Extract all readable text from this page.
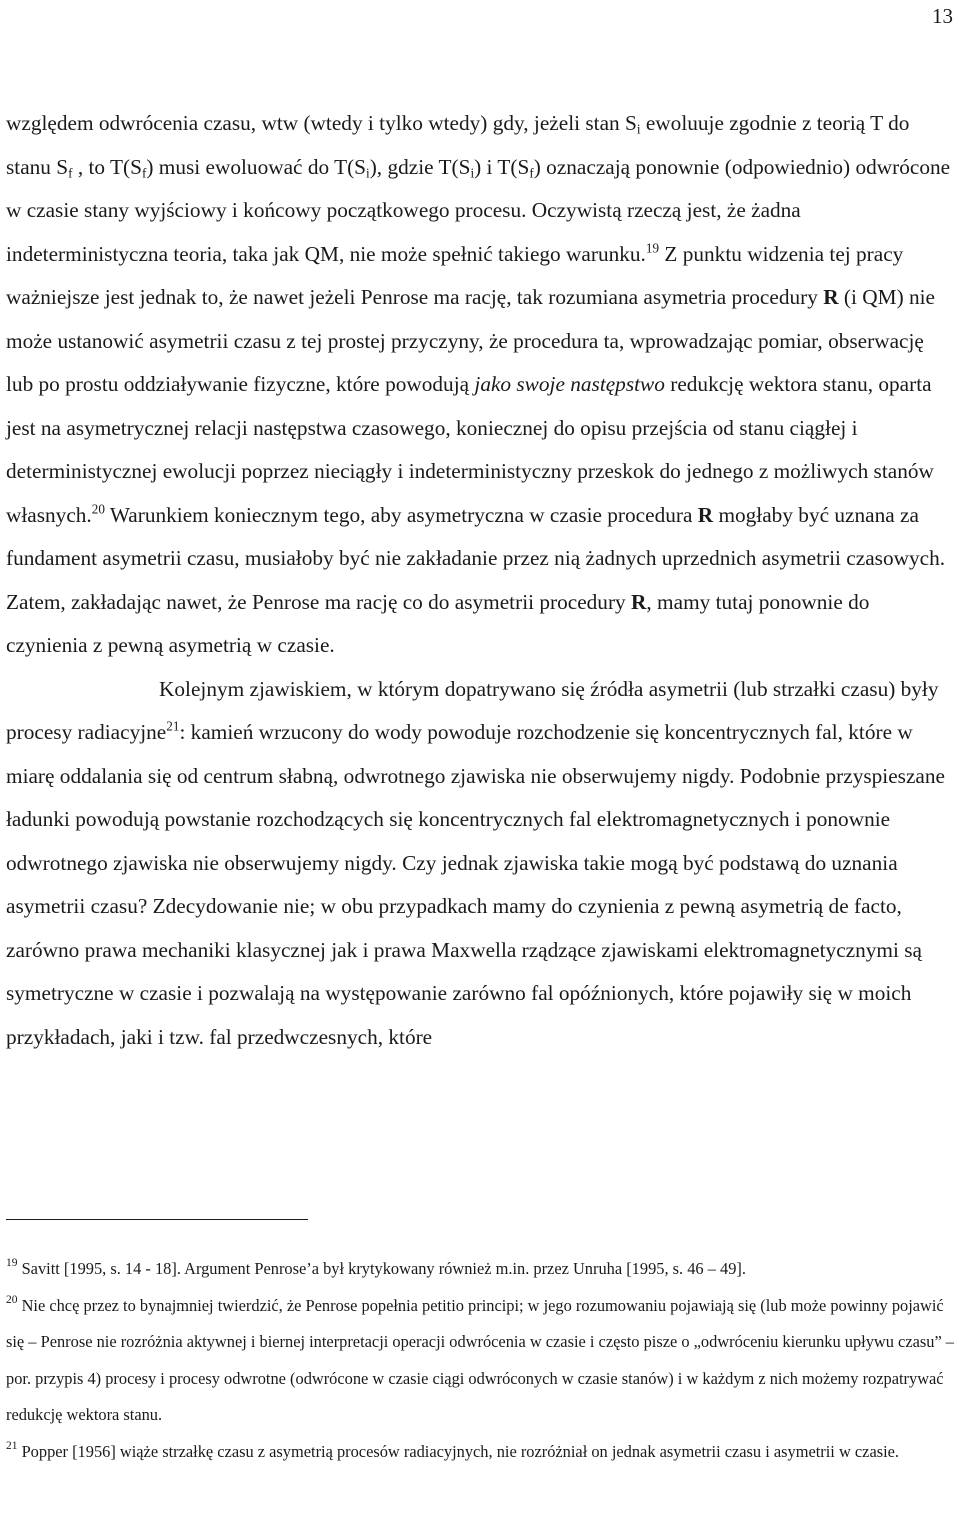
13

względem odwrócenia czasu, wtw (wtedy i tylko wtedy) gdy, jeżeli stan $S_i$ ewoluuje zgodnie z teorią T do stanu $S_f$ , to $T(S_f)$ musi ewoluować do $T(S_i)$, gdzie $T(S_i)$ i $T(S_f)$ oznaczają ponownie (odpowiednio) odwrócone w czasie stany wyjściowy i końcowy początkowego procesu. Oczywistą rzeczą jest, że żadna indeterministyczna teoria, taka jak QM, nie może spełnić takiego warunku.$^{19}$ Z punktu widzenia tej pracy ważniejsze jest jednak to, że nawet jeżeli Penrose ma rację, tak rozumiana asymetria procedury R (i QM) nie może ustanowić asymetrii czasu z tej prostej przyczyny, że procedura ta, wprowadzając pomiar, obserwację lub po prostu oddziaływanie fizyczne, które powodują jako swoje następstwo redukcję wektora stanu, oparta jest na asymetrycznej relacji następstwa czasowego, koniecznej do opisu przejścia od stanu ciągłej i deterministycznej ewolucji poprzez nieciągły i indeterministyczny przeskok do jednego z możliwych stanów własnych.$^{20}$ Warunkiem koniecznym tego, aby asymetryczna w czasie procedura R mogłaby być uznana za fundament asymetrii czasu, musiałoby być nie zakładanie przez nią żadnych uprzednich asymetrii czasowych. Zatem, zakładając nawet, że Penrose ma rację co do asymetrii procedury R, mamy tutaj ponownie do czynienia z pewną asymetrią w czasie.

Kolejnym zjawiskiem, w którym dopatrywano się źródła asymetrii (lub strzałki czasu) były procesy radiacyjne$^{21}$: kamień wrzucony do wody powoduje rozchodzenie się koncentrycznych fal, które w miarę oddalania się od centrum słabną, odwrotnego zjawiska nie obserwujemy nigdy. Podobnie przyspieszane ładunki powodują powstanie rozchodzących się koncentrycznych fal elektromagnetycznych i ponownie odwrotnego zjawiska nie obserwujemy nigdy. Czy jednak zjawiska takie mogą być podstawą do uznania asymetrii czasu? Zdecydowanie nie; w obu przypadkach mamy do czynienia z pewną asymetrią de facto, zarówno prawa mechaniki klasycznej jak i prawa Maxwella rządzące zjawiskami elektromagnetycznymi są symetryczne w czasie i pozwalają na występowanie zarówno fal opóźnionych, które pojawiły się w moich przykładach, jaki i tzw. fal przedwczesnych, które

$^{19}$ Savitt [1995, s. 14 - 18]. Argument Penrose’a był krytykowany również m.in. przez Unruha [1995, s. 46 – 49].

$^{20}$ Nie chcę przez to bynajmniej twierdzić, że Penrose popełnia petitio principi; w jego rozumowaniu pojawiają się (lub może powinny pojawić się – Penrose nie rozróżnia aktywnej i biernej interpretacji operacji odwrócenia w czasie i często pisze o „odwróceniu kierunku upływu czasu” – por. przypis 4) procesy i procesy odwrotne (odwrócone w czasie ciągi odwróconych w czasie stanów) i w każdym z nich możemy rozpatrywać redukcję wektora stanu.

$^{21}$ Popper [1956] wiąże strzałkę czasu z asymetrią procesów radiacyjnych, nie rozróżniał on jednak asymetrii czasu i asymetrii w czasie.
